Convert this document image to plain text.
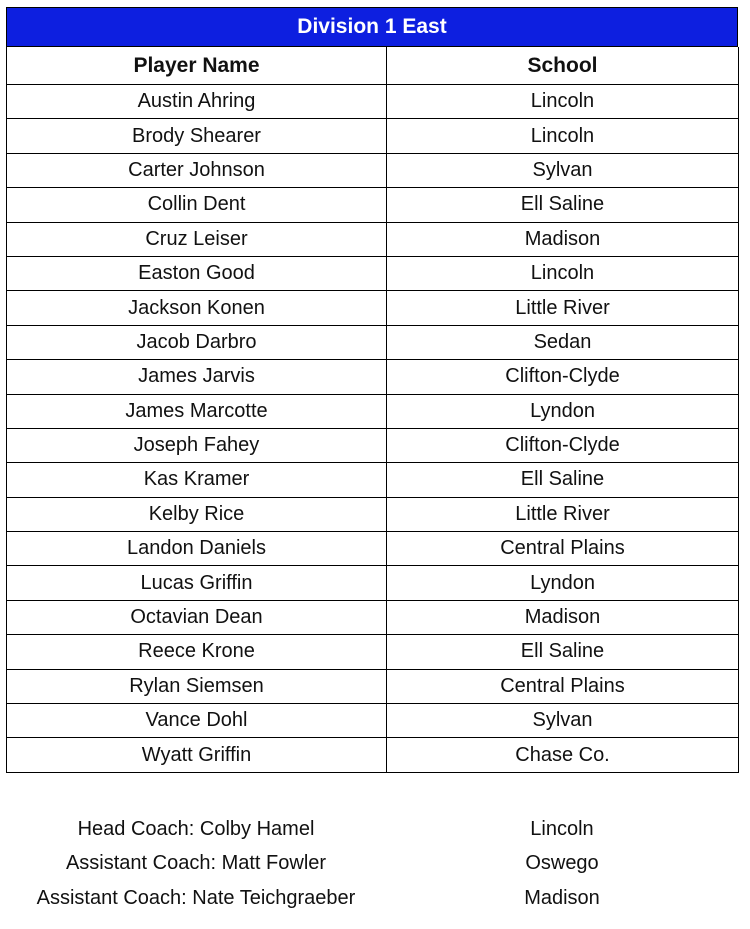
Division 1 East
Player Name	School
Austin Ahring	Lincoln
Brody Shearer	Lincoln
Carter Johnson	Sylvan
Collin Dent	Ell Saline
Cruz Leiser	Madison
Easton Good	Lincoln
Jackson Konen	Little River
Jacob Darbro	Sedan
James Jarvis	Clifton-Clyde
James Marcotte	Lyndon
Joseph Fahey	Clifton-Clyde
Kas Kramer	Ell Saline
Kelby Rice	Little River
Landon Daniels	Central Plains
Lucas Griffin	Lyndon
Octavian Dean	Madison
Reece Krone	Ell Saline
Rylan Siemsen	Central Plains
Vance Dohl	Sylvan
Wyatt Griffin	Chase Co.
Head Coach: Colby Hamel	Lincoln
Assistant Coach: Matt Fowler	Oswego
Assistant Coach: Nate Teichgraeber	Madison
